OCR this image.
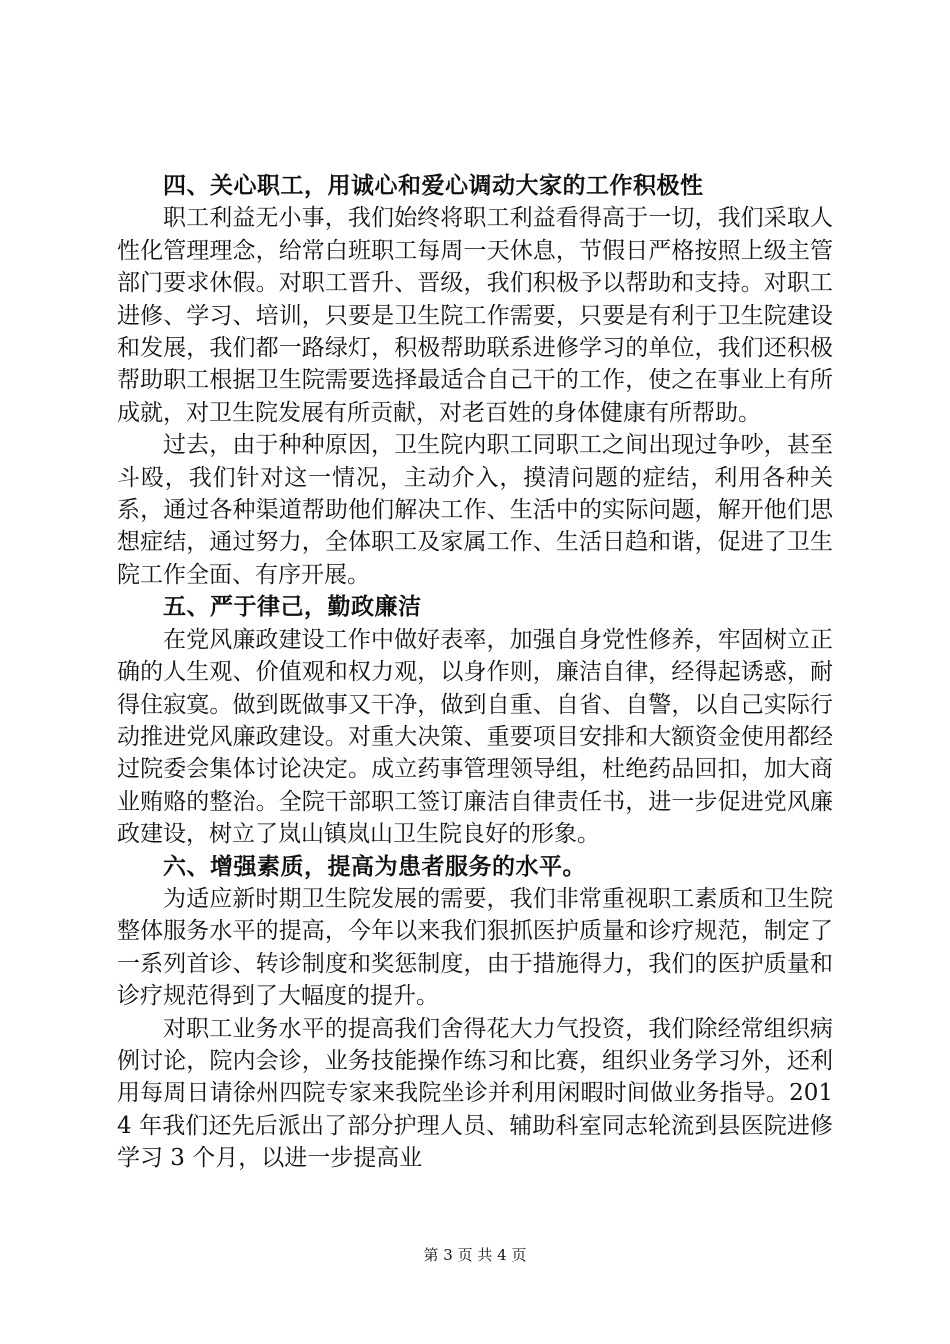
四、关心职工，用诚心和爱心调动大家的工作积极性

职工利益无小事，我们始终将职工利益看得高于一切，我们采取人性化管理理念，给常白班职工每周一天休息，节假日严格按照上级主管部门要求休假。对职工晋升、晋级，我们积极予以帮助和支持。对职工进修、学习、培训，只要是卫生院工作需要，只要是有利于卫生院建设和发展，我们都一路绿灯，积极帮助联系进修学习的单位，我们还积极帮助职工根据卫生院需要选择最适合自己干的工作，使之在事业上有所成就，对卫生院发展有所贡献，对老百姓的身体健康有所帮助。

过去，由于种种原因，卫生院内职工同职工之间出现过争吵，甚至斗殴，我们针对这一情况，主动介入，摸清问题的症结，利用各种关系，通过各种渠道帮助他们解决工作、生活中的实际问题，解开他们思想症结，通过努力，全体职工及家属工作、生活日趋和谐，促进了卫生院工作全面、有序开展。

五、严于律己，勤政廉洁

在党风廉政建设工作中做好表率，加强自身党性修养，牢固树立正确的人生观、价值观和权力观，以身作则，廉洁自律，经得起诱惑，耐得住寂寞。做到既做事又干净，做到自重、自省、自警，以自己实际行动推进党风廉政建设。对重大决策、重要项目安排和大额资金使用都经过院委会集体讨论决定。成立药事管理领导组，杜绝药品回扣，加大商业贿赂的整治。全院干部职工签订廉洁自律责任书，进一步促进党风廉政建设，树立了岚山镇岚山卫生院良好的形象。

六、增强素质，提高为患者服务的水平。

为适应新时期卫生院发展的需要，我们非常重视职工素质和卫生院整体服务水平的提高，今年以来我们狠抓医护质量和诊疗规范，制定了一系列首诊、转诊制度和奖惩制度，由于措施得力，我们的医护质量和诊疗规范得到了大幅度的提升。

对职工业务水平的提高我们舍得花大力气投资，我们除经常组织病例讨论，院内会诊，业务技能操作练习和比赛，组织业务学习外，还利用每周日请徐州四院专家来我院坐诊并利用闲暇时间做业务指导。2014 年我们还先后派出了部分护理人员、辅助科室同志轮流到县医院进修学习 3 个月，以进一步提高业

第 3 页 共 4 页
